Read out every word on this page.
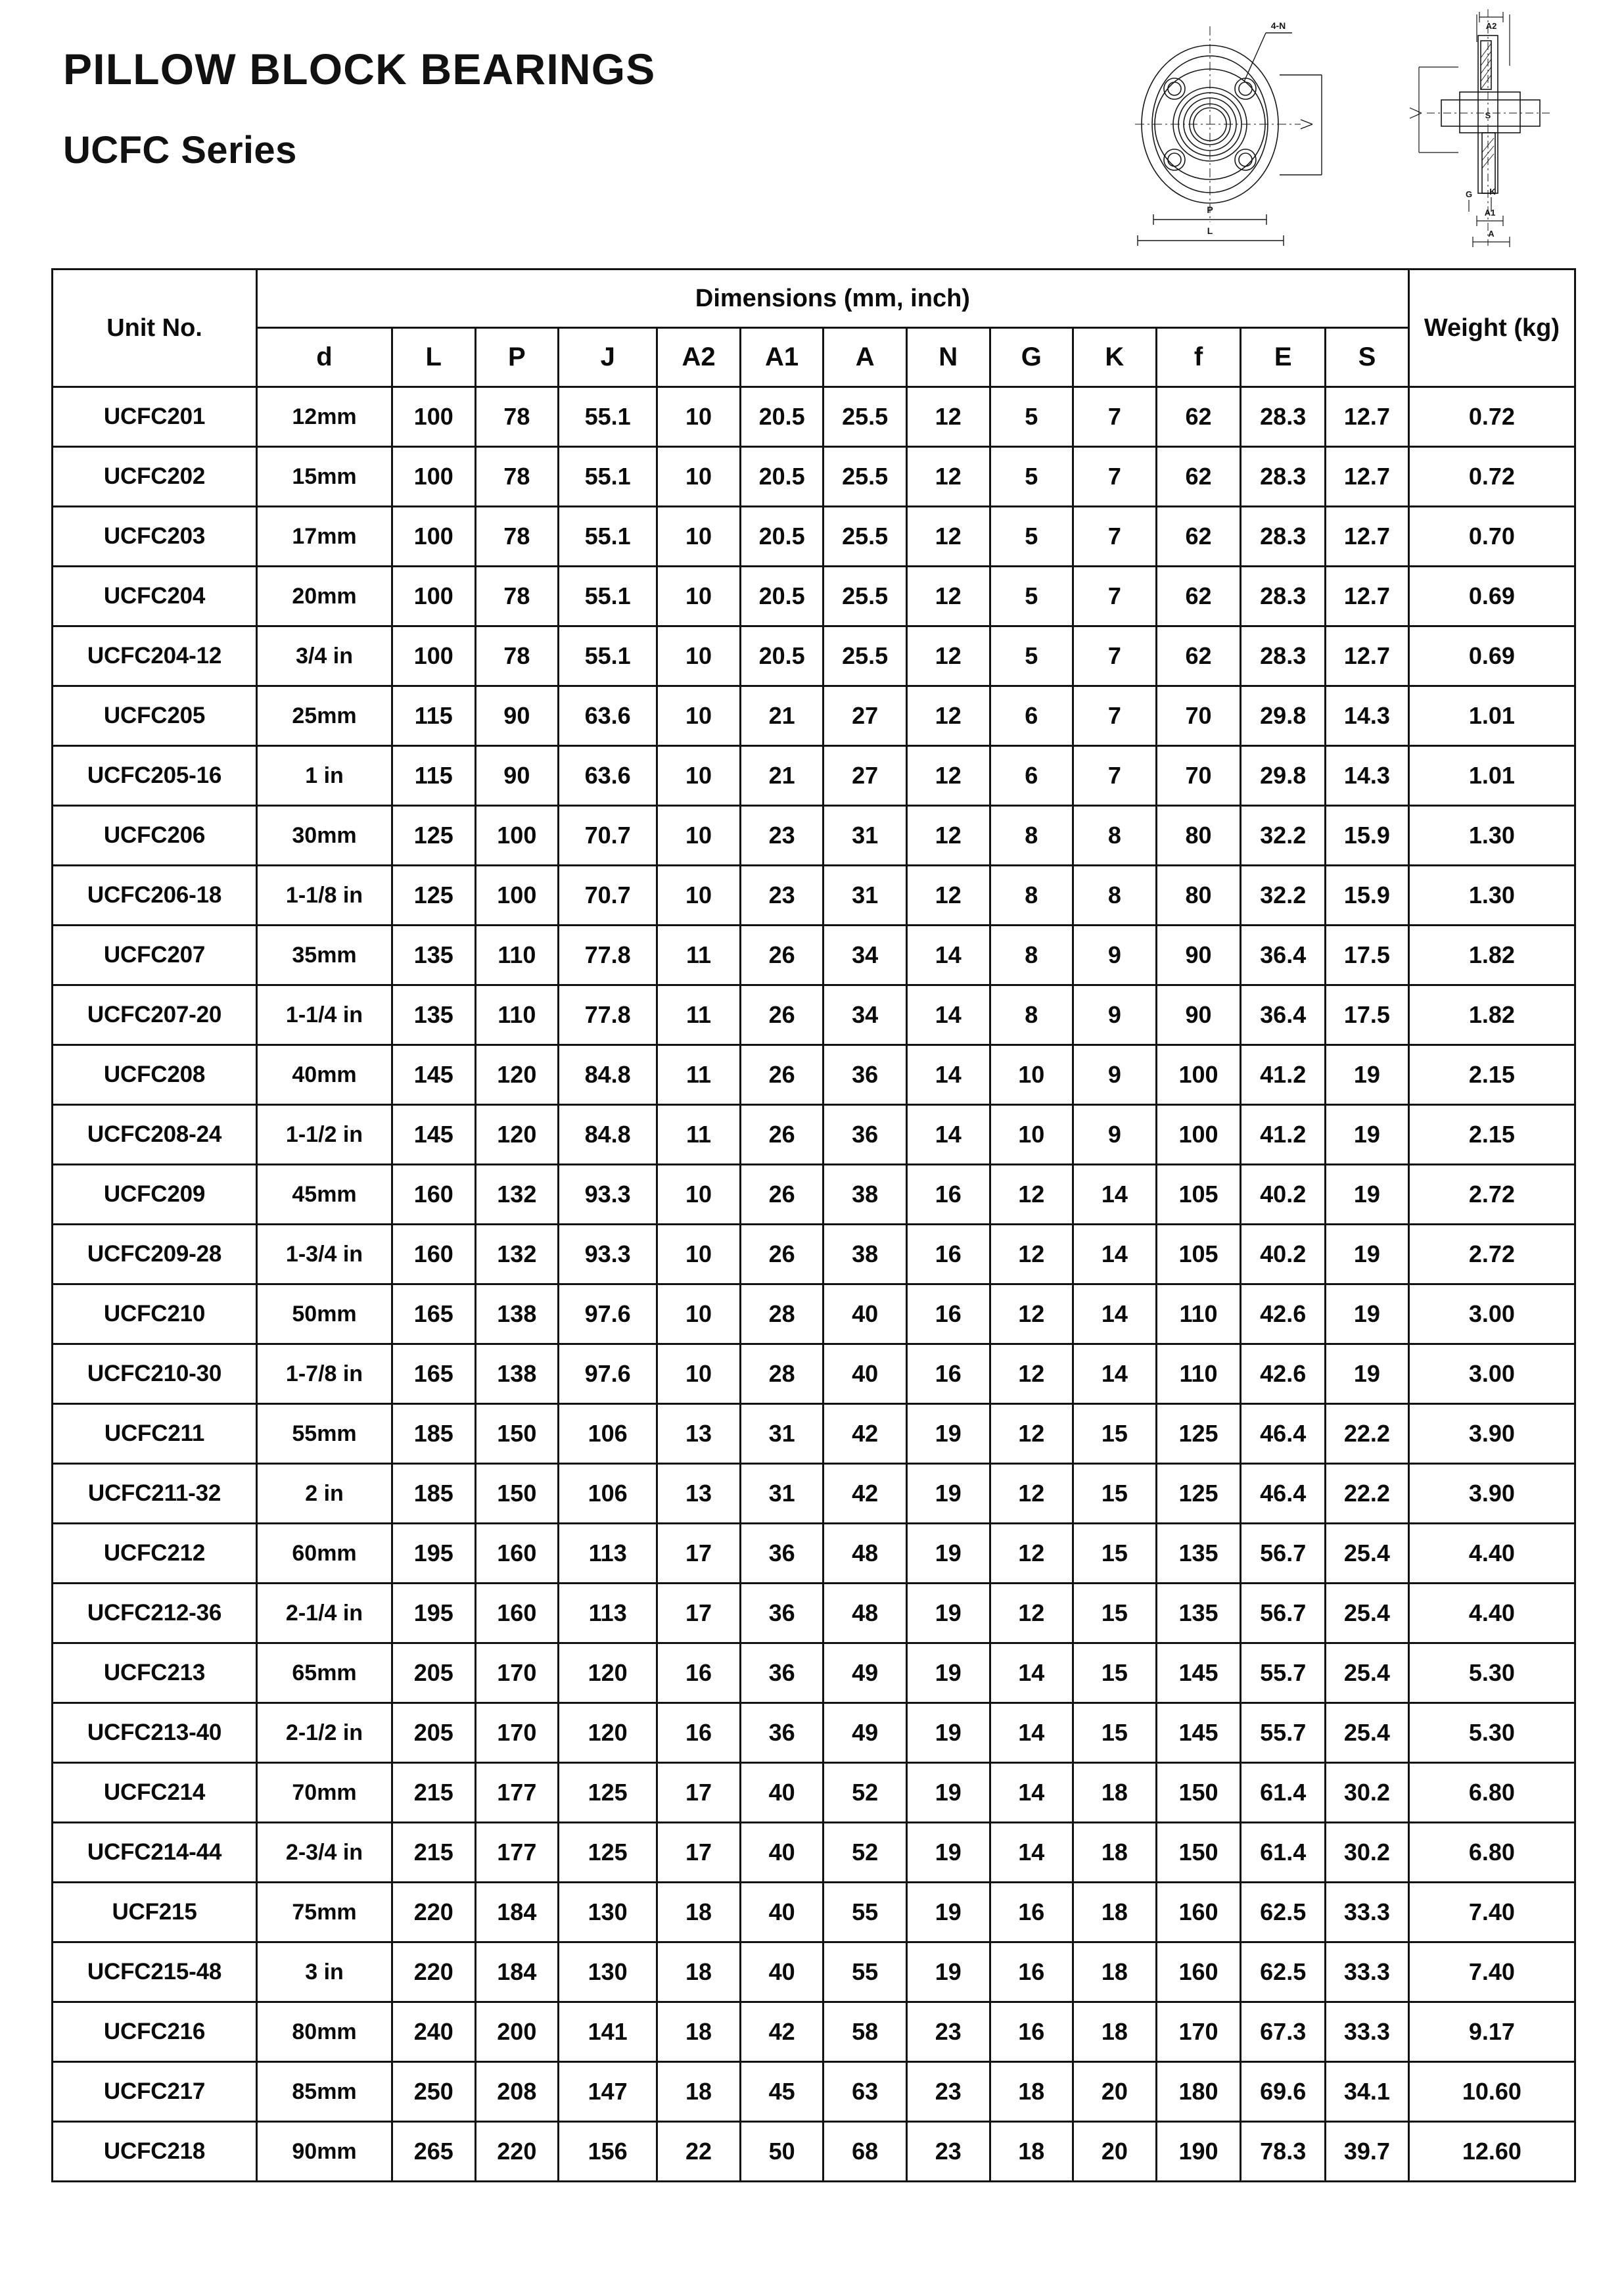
PILLOW BLOCK BEARINGS
UCFC Series
4-N
P
L
A2
S
G K
A1
A
Unit No.	Dimensions (mm, inch)													Weight (kg)
	d	L	P	J	A2	A1	A	N	G	K	f	E	S	
UCFC201	12mm	100	78	55.1	10	20.5	25.5	12	5	7	62	28.3	12.7	0.72
UCFC202	15mm	100	78	55.1	10	20.5	25.5	12	5	7	62	28.3	12.7	0.72
UCFC203	17mm	100	78	55.1	10	20.5	25.5	12	5	7	62	28.3	12.7	0.70
UCFC204	20mm	100	78	55.1	10	20.5	25.5	12	5	7	62	28.3	12.7	0.69
UCFC204-12	3/4 in	100	78	55.1	10	20.5	25.5	12	5	7	62	28.3	12.7	0.69
UCFC205	25mm	115	90	63.6	10	21	27	12	6	7	70	29.8	14.3	1.01
UCFC205-16	1 in	115	90	63.6	10	21	27	12	6	7	70	29.8	14.3	1.01
UCFC206	30mm	125	100	70.7	10	23	31	12	8	8	80	32.2	15.9	1.30
UCFC206-18	1-1/8 in	125	100	70.7	10	23	31	12	8	8	80	32.2	15.9	1.30
UCFC207	35mm	135	110	77.8	11	26	34	14	8	9	90	36.4	17.5	1.82
UCFC207-20	1-1/4 in	135	110	77.8	11	26	34	14	8	9	90	36.4	17.5	1.82
UCFC208	40mm	145	120	84.8	11	26	36	14	10	9	100	41.2	19	2.15
UCFC208-24	1-1/2 in	145	120	84.8	11	26	36	14	10	9	100	41.2	19	2.15
UCFC209	45mm	160	132	93.3	10	26	38	16	12	14	105	40.2	19	2.72
UCFC209-28	1-3/4 in	160	132	93.3	10	26	38	16	12	14	105	40.2	19	2.72
UCFC210	50mm	165	138	97.6	10	28	40	16	12	14	110	42.6	19	3.00
UCFC210-30	1-7/8 in	165	138	97.6	10	28	40	16	12	14	110	42.6	19	3.00
UCFC211	55mm	185	150	106	13	31	42	19	12	15	125	46.4	22.2	3.90
UCFC211-32	2 in	185	150	106	13	31	42	19	12	15	125	46.4	22.2	3.90
UCFC212	60mm	195	160	113	17	36	48	19	12	15	135	56.7	25.4	4.40
UCFC212-36	2-1/4 in	195	160	113	17	36	48	19	12	15	135	56.7	25.4	4.40
UCFC213	65mm	205	170	120	16	36	49	19	14	15	145	55.7	25.4	5.30
UCFC213-40	2-1/2 in	205	170	120	16	36	49	19	14	15	145	55.7	25.4	5.30
UCFC214	70mm	215	177	125	17	40	52	19	14	18	150	61.4	30.2	6.80
UCFC214-44	2-3/4 in	215	177	125	17	40	52	19	14	18	150	61.4	30.2	6.80
UCF215	75mm	220	184	130	18	40	55	19	16	18	160	62.5	33.3	7.40
UCFC215-48	3 in	220	184	130	18	40	55	19	16	18	160	62.5	33.3	7.40
UCFC216	80mm	240	200	141	18	42	58	23	16	18	170	67.3	33.3	9.17
UCFC217	85mm	250	208	147	18	45	63	23	18	20	180	69.6	34.1	10.60
UCFC218	90mm	265	220	156	22	50	68	23	18	20	190	78.3	39.7	12.60
